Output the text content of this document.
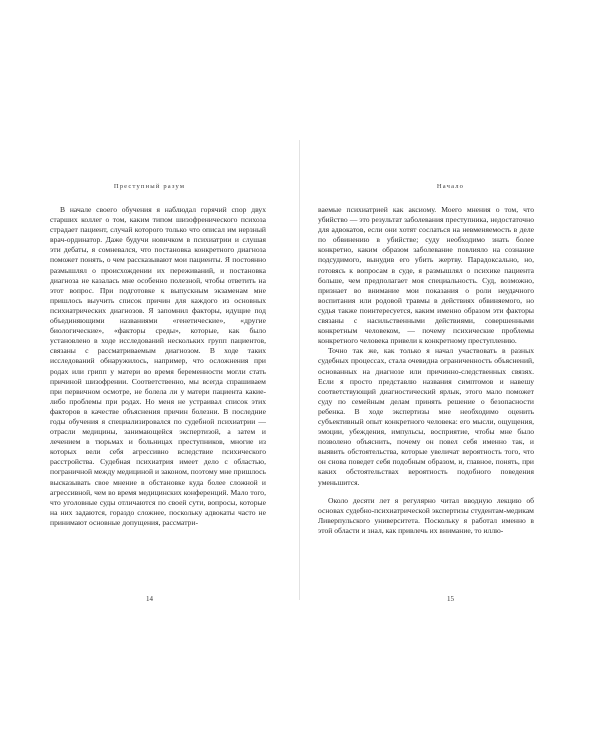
Преступный разум

В начале своего обучения я наблюдал горячий спор двух старших коллег о том, каким типом шизофренического психоза страдает пациент, случай которого только что описал им нерзный врач-ординатор. Даже будучи новичком в психиатрии и слушая эти дебаты, я сомневался, что постановка конкретного диагноза поможет понять, о чем рассказывают мои пациенты. Я постоянно размышлял о происхождении их переживаний, и постановка диагноза не казалась мне особенно полезной, чтобы ответить на этот вопрос. При подготовке к выпускным экзаменам мне пришлось выучить список причин для каждого из основных психиатрических диагнозов. Я запомнил факторы, идущие под объединяющими названиями «генетические», «другие биологические», «факторы среды», которые, как было установлено в ходе исследований нескольких групп пациентов, связаны с рассматриваемым диагнозом. В ходе таких исследований обнаружилось, например, что осложнения при родах или грипп у матери во время беременности могли стать причиной шизофрении. Соответственно, мы всегда спрашиваем при первичном осмотре, не болела ли у матери пациента какие-либо проблемы при родах. Но меня не устраивал список этих факторов в качестве объяснения причин болезни. В последние годы обучения я специализировался по судебной психиатрии — отрасли медицины, занимающейся экспертизой, а затем и лечением в тюрьмах и больницах преступников, многие из которых вели себя агрессивно вследствие психического расстройства. Судебная психиатрия имеет дело с областью, пограничной между медициной и законом, поэтому мне пришлось высказывать свое мнение в обстановке куда более сложной и агрессивной, чем во время медицинских конференций. Мало того, что уголовные суды отличаются по своей сути, вопросы, которые на них задаются, гораздо сложнее, поскольку адвокаты часто не принимают основные допущения, рассматри-

14
Начало

ваемые психиатрией как аксиому. Моего мнения о том, что убийство — это результат заболевания преступника, недостаточно для адвокатов, если они хотят сослаться на невменяемость в деле по обвинению в убийстве; суду необходимо знать более конкретно, каким образом заболевание повлияло на сознание подсудимого, вынудив его убить жертву. Парадоксально, но, готовясь к вопросам в суде, я размышлял о психике пациента больше, чем предполагает моя специальность. Суд, возможно, признает во внимание мои показания о роли неудачного воспитания или родовой травмы в действиях обвиняемого, но судья также поинтересуется, каким именно образом эти факторы связаны с насильственными действиями, совершенными конкретным человеком, — почему психические проблемы конкретного человека привели к конкретному преступлению.

Точно так же, как только я начал участвовать в разных судебных процессах, стала очевидна ограниченность объяснений, основанных на диагнозе или причинно-следственных связях. Если я просто представлю названия симптомов и навешу соответствующий диагностический ярлык, этого мало поможет суду по семейным делам принять решение о безопасности ребенка. В ходе экспертизы мне необходимо оценить субъективный опыт конкретного человека: его мысли, ощущения, эмоции, убеждения, импульсы, восприятие, чтобы мне было позволено объяснить, почему он повел себя именно так, и выявить обстоятельства, которые увеличат вероятность того, что он снова поведет себя подобным образом, и, главное, понять, при каких обстоятельствах вероятность подобного поведения уменьшится.

Около десяти лет я регулярно читал вводную лекцию об основах судебно-психиатрической экспертизы студентам-медикам Ливерпульского университета. Поскольку я работал именно в этой области и знал, как привлечь их внимание, то иллю-

15
